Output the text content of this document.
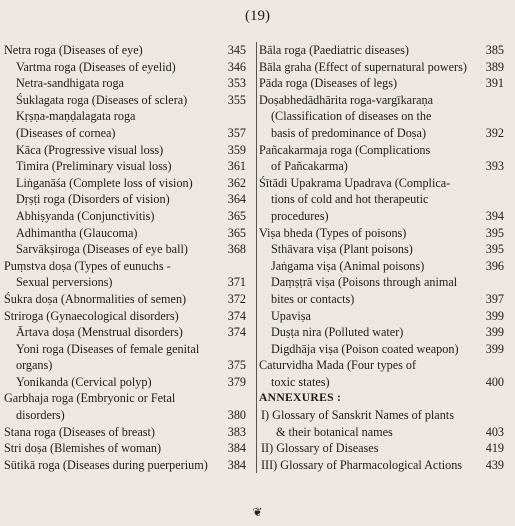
(19)
Netra roga (Diseases of eye)	345
Vartma roga (Diseases of eyelid)	346
Netra-sandhigata roga	353
Śuklagata roga (Diseases of sclera)	355
Kṛṣṇa-maṇḍalagata roga
(Diseases of cornea)	357
Kāca (Progressive visual loss)	359
Timira (Preliminary visual loss)	361
Liṅganāśa (Complete loss of vision)	362
Dṛṣṭi roga (Disorders of vision)	364
Abhiṣyanda (Conjunctivitis)	365
Adhimantha (Glaucoma)	365
Sarvākṣiroga (Diseases of eye ball)	368
Puṃstva doṣa (Types of eunuchs -
Sexual perversions)	371
Śukra doṣa (Abnormalities of semen)	372
Striroga (Gynaecological disorders)	374
Ārtava doṣa (Menstrual disorders)	374
Yoni roga (Diseases of female genital
organs)	375
Yonikanda (Cervical polyp)	379
Garbhaja roga (Embryonic or Fetal
disorders)	380
Stana roga (Diseases of breast)	383
Stri doṣa (Blemishes of woman)	384
Sūtikā roga (Diseases during puerperium)	384
Bāla roga (Paediatric diseases)	385
Bāla graha (Effect of supernatural powers)	389
Pāda roga (Diseases of legs)	391
Doṣabhedādhārita roga-vargīkaraṇa
(Classification of diseases on the
basis of predominance of Doṣa)	392
Pañcakarmaja roga (Complications
of Pañcakarma)	393
Śītādi Upakrama Upadrava (Complica-
tions of cold and hot therapeutic
procedures)	394
Viṣa bheda (Types of poisons)	395
Sthāvara viṣa (Plant poisons)	395
Jaṅgama viṣa (Animal poisons)	396
Daṃṣṭrā viṣa (Poisons through animal
bites or contacts)	397
Upaviṣa	399
Duṣṭa nira (Polluted water)	399
Digdhāja viṣa (Poison coated weapon)	399
Caturvidha Mada (Four types of
toxic states)	400
ANNEXURES :
I) Glossary of Sanskrit Names of plants
& their botanical names	403
II) Glossary of Diseases	419
III) Glossary of Pharmacological Actions	439
❦
